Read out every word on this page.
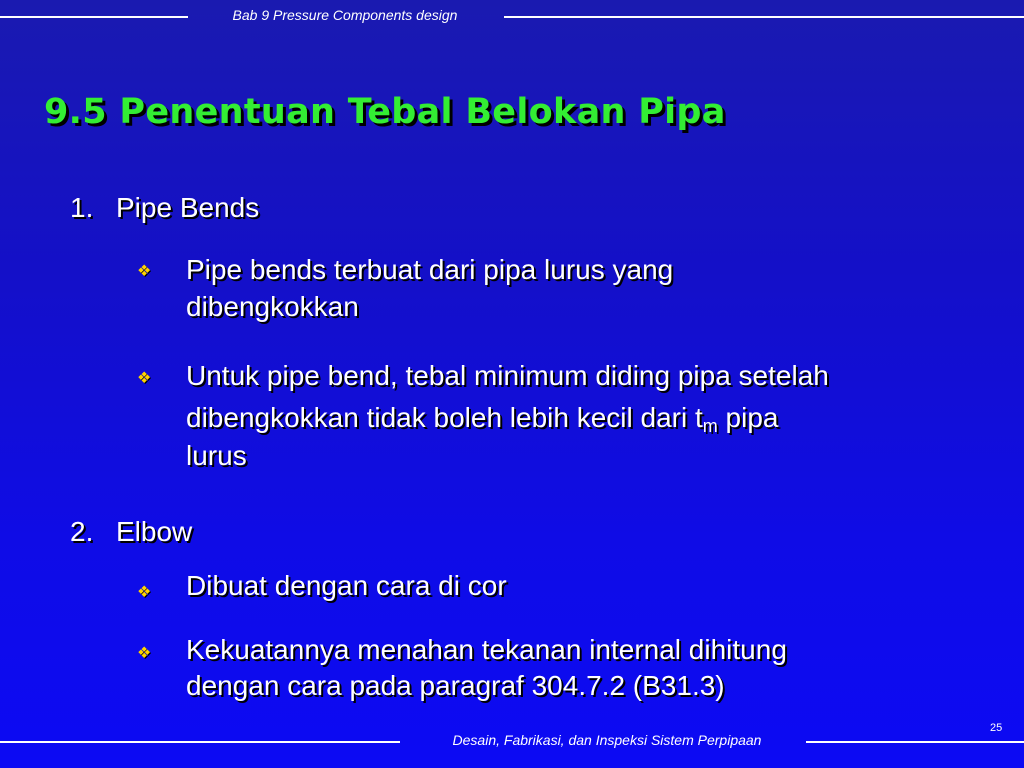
Bab 9 Pressure Components design
9.5 Penentuan Tebal Belokan Pipa
1. Pipe Bends
❖ Pipe bends terbuat dari pipa lurus yang
dibengkokkan
❖ Untuk pipe bend, tebal minimum diding pipa setelah
dibengkokkan tidak boleh lebih kecil dari $t_m$ pipa
lurus
2. Elbow
❖ Dibuat dengan cara di cor
❖ Kekuatannya menahan tekanan internal dihitung
dengan cara pada paragraf 304.7.2 (B31.3)
25
Desain, Fabrikasi, dan Inspeksi Sistem Perpipaan
